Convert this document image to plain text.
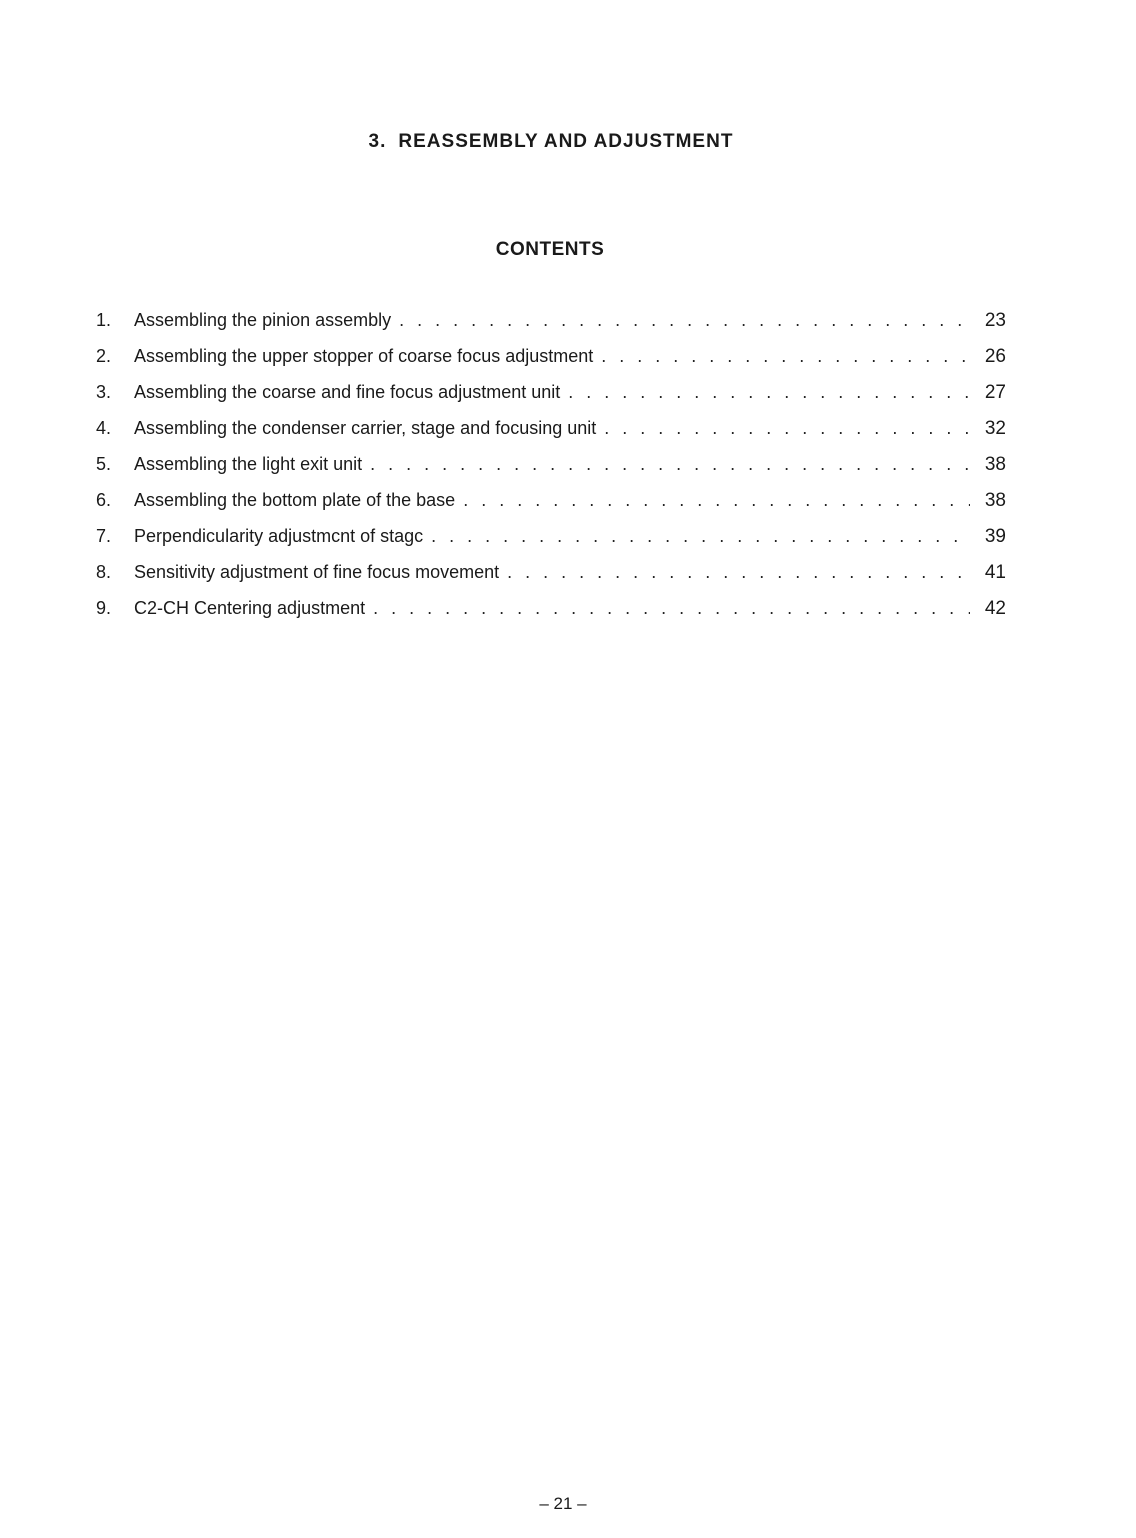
3. REASSEMBLY AND ADJUSTMENT
CONTENTS
1.	Assembling the pinion assembly . . .	23
2.	Assembling the upper stopper of coarse focus adjustment . . .	26
3.	Assembling the coarse and fine focus adjustment unit . . .	27
4.	Assembling the condenser carrier, stage and focusing unit . . .	32
5.	Assembling the light exit unit . . .	38
6.	Assembling the bottom plate of the base . . .	38
7.	Perpendicularity adjustmcnt of stagc . . .	39
8.	Sensitivity adjustment of fine focus movement . . .	41
9.	C2-CH Centering adjustment . . .	42
– 21 –
